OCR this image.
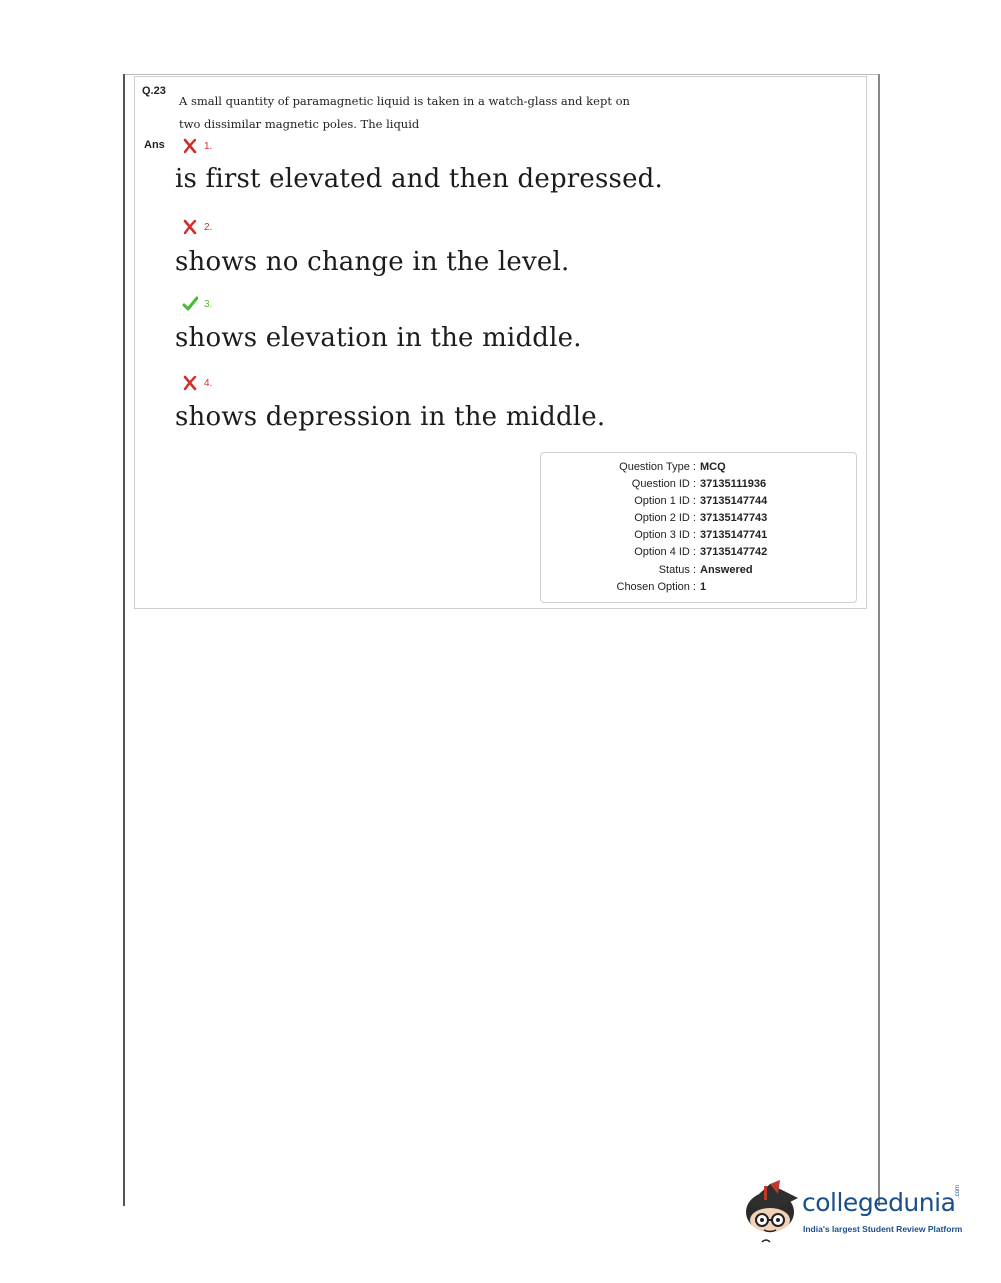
Q.23
A small quantity of paramagnetic liquid is taken in a watch-glass and kept on two dissimilar magnetic poles. The liquid
Ans	1.
is first elevated and then depressed.
2.
shows no change in the level.
3.
shows elevation in the middle.
4.
shows depression in the middle.
Question Type : MCQ
Question ID : 37135111936
Option 1 ID : 37135147744
Option 2 ID : 37135147743
Option 3 ID : 37135147741
Option 4 ID : 37135147742
Status : Answered
Chosen Option : 1
collegedunia .com
India's largest Student Review Platform
